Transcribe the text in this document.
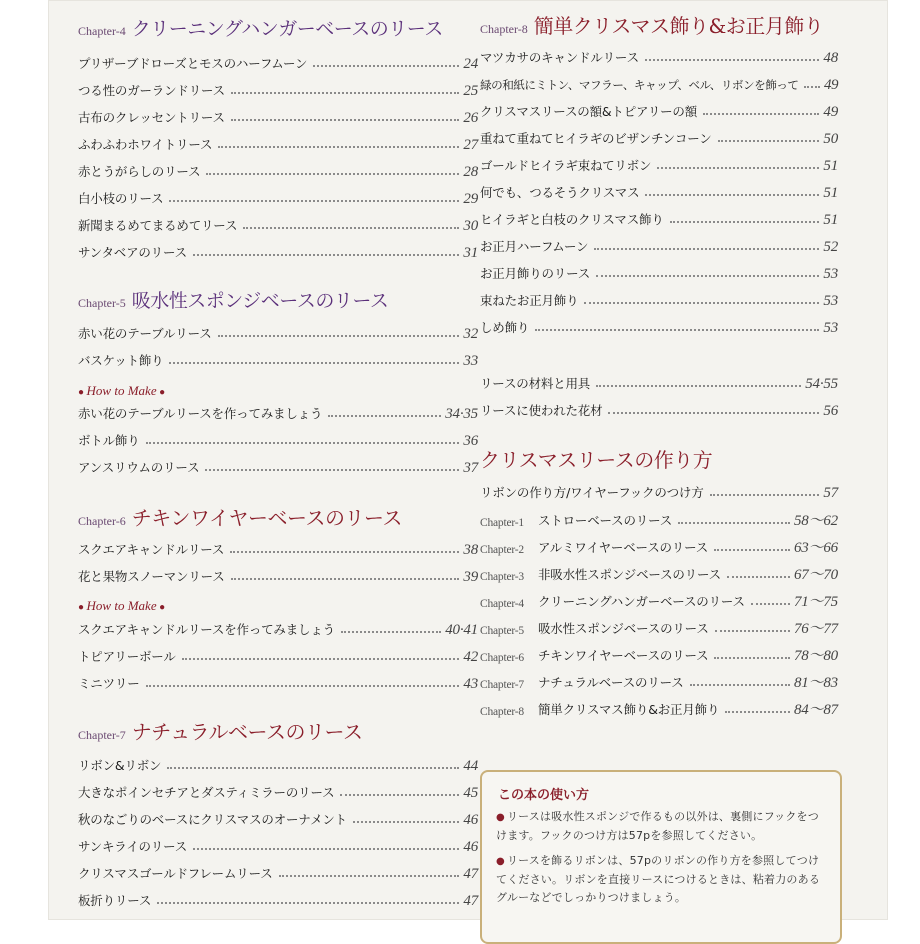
Chapter-4 クリーニングハンガーベースのリース
プリザーブドローズとモスのハーフムーン	24
つる性のガーランドリース	25
古布のクレッセントリース	26
ふわふわホワイトリース	27
赤とうがらしのリース	28
白小枝のリース	29
新聞まるめてまるめてリース	30
サンタベアのリース	31
Chapter-5 吸水性スポンジベースのリース
赤い花のテーブルリース	32
バスケット飾り	33
● How to Make ●
赤い花のテーブルリースを作ってみましょう	34·35
ボトル飾り	36
アンスリウムのリース	37
Chapter-6 チキンワイヤーベースのリース
スクエアキャンドルリース	38
花と果物スノーマンリース	39
● How to Make ●
スクエアキャンドルリースを作ってみましょう	40·41
トピアリーボール	42
ミニツリー	43
Chapter-7 ナチュラルベースのリース
リボン&リボン	44
大きなポインセチアとダスティミラーのリース	45
秋のなごりのベースにクリスマスのオーナメント	46
サンキライのリース	46
クリスマスゴールドフレームリース	47
板折りリース	47
Chapter-8 簡単クリスマス飾り&お正月飾り
マツカサのキャンドルリース	48
緑の和紙にミトン、マフラー、キャップ、ベル、リボンを飾って 49
クリスマスリースの額&トピアリーの額	49
重ねて重ねてヒイラギのビザンチンコーン	50
ゴールドヒイラギ束ねてリボン	51
何でも、つるそうクリスマス	51
ヒイラギと白枝のクリスマス飾り	51
お正月ハーフムーン	52
お正月飾りのリース	53
束ねたお正月飾り	53
しめ飾り	53
リースの材料と用具	54·55
リースに使われた花材	56
クリスマスリースの作り方
リボンの作り方/ワイヤーフックのつけ方	57
Chapter-1	ストローベースのリース	58〜62
Chapter-2	アルミワイヤーベースのリース	63〜66
Chapter-3	非吸水性スポンジベースのリース	67〜70
Chapter-4	クリーニングハンガーベースのリース	71〜75
Chapter-5	吸水性スポンジベースのリース	76〜77
Chapter-6	チキンワイヤーベースのリース	78〜80
Chapter-7	ナチュラルベースのリース	81〜83
Chapter-8	簡単クリスマス飾り&お正月飾り	84〜87
この本の使い方
● リースは吸水性スポンジで作るもの以外は、裏側にフックをつけます。フックのつけ方は57pを参照してください。
● リースを飾るリボンは、57pのリボンの作り方を参照してつけてください。リボンを直接リースにつけるときは、粘着力のあるグルーなどでしっかりつけましょう。
